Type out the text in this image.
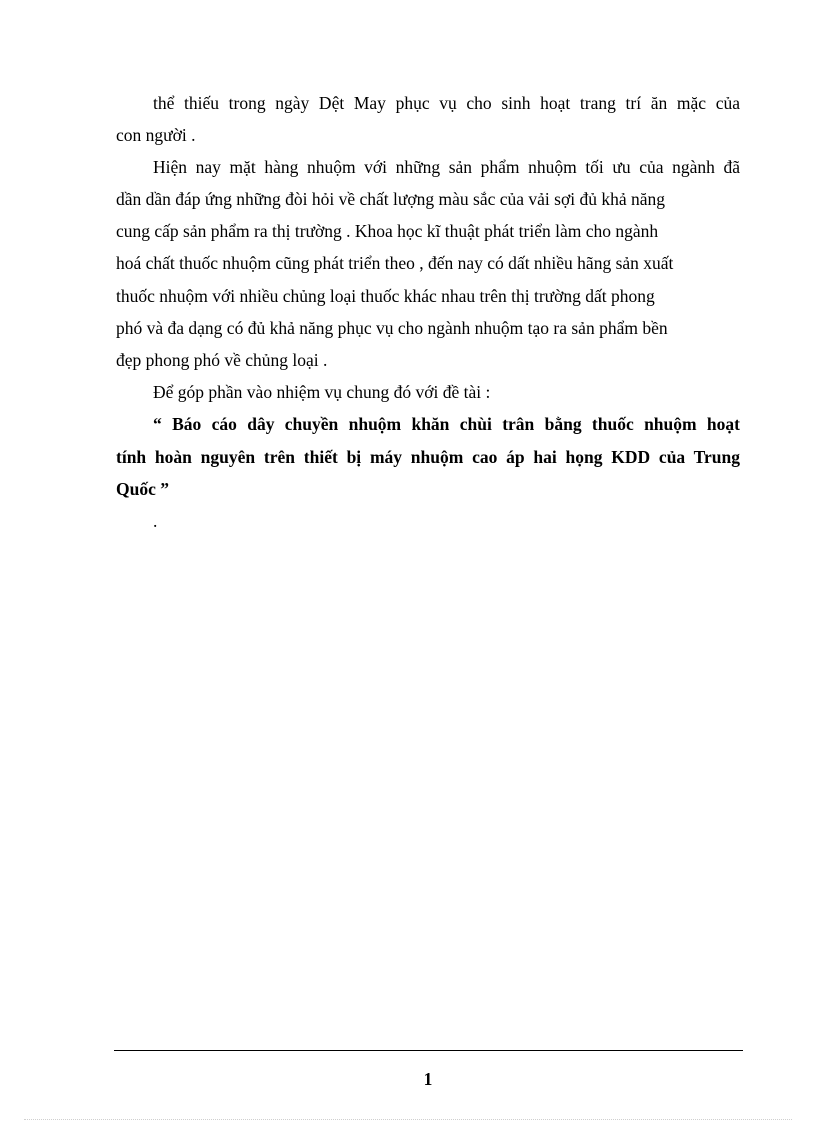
thể thiếu trong ngày Dệt May phục vụ cho sinh hoạt trang trí ăn mặc của
con người .
Hiện nay mặt hàng nhuộm với những sản phẩm nhuộm tối ưu của ngành đã
dần dần đáp ứng những đòi hỏi về chất lượng màu sắc của vải sợi đủ khả năng
cung cấp sản phẩm ra thị trường . Khoa học kĩ thuật phát triển làm cho ngành
hoá chất thuốc nhuộm cũng phát triển theo , đến nay có dất nhiều hãng sản xuất
thuốc nhuộm với nhiều chủng loại thuốc khác nhau trên thị trường dất phong
phó và đa dạng có đủ khả năng phục vụ cho ngành nhuộm tạo ra sản phẩm bền
đẹp phong phó về chủng loại .
Để góp phần vào nhiệm vụ chung đó với đề tài :
“ Báo cáo dây chuyền nhuộm khăn chùi trân bằng thuốc nhuộm hoạt
tính hoàn nguyên trên thiết bị máy nhuộm cao áp hai họng KDD của Trung
Quốc ”
.
1
